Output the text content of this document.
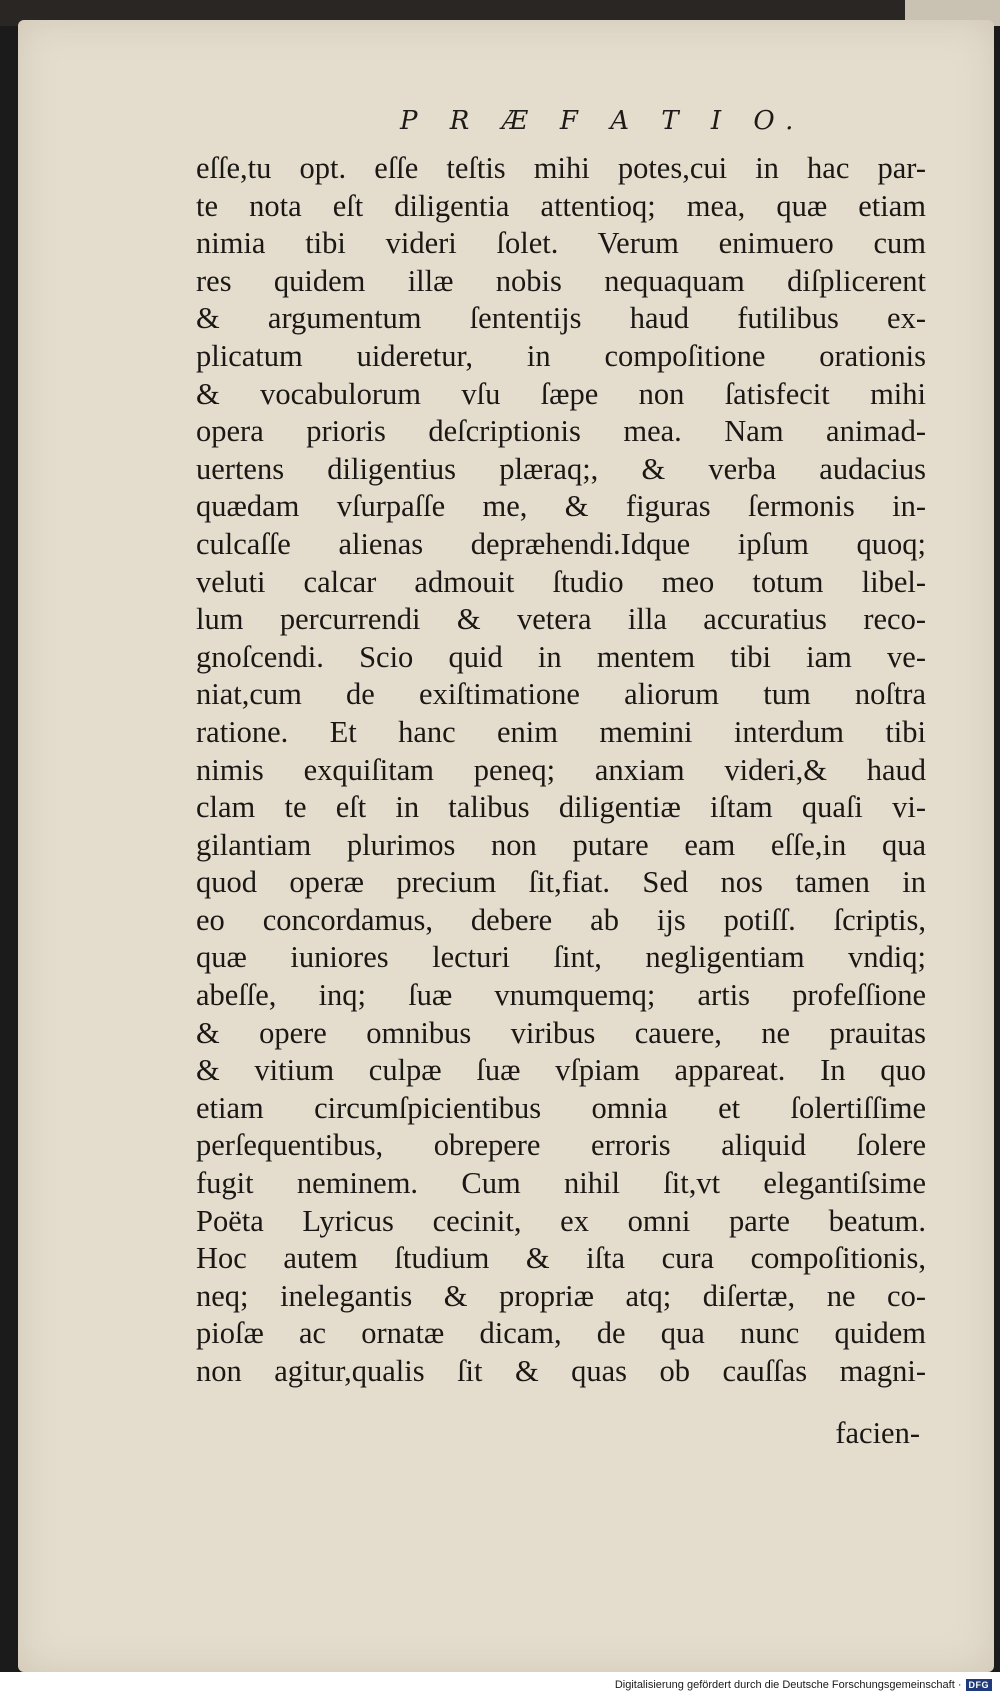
P R Æ F A T I O.
eſſe,tu opt. eſſe teſtis mihi potes,cui in hac par-
te nota eſt diligentia attentioq; mea, quæ etiam
nimia tibi videri ſolet. Verum enimuero cum
res quidem illæ nobis nequaquam diſplicerent
& argumentum ſententijs haud futilibus ex-
plicatum uideretur, in compoſitione orationis
& vocabulorum vſu ſæpe non ſatisfecit mihi
opera prioris deſcriptionis mea. Nam animad-
uertens diligentius plæraq;, & verba audacius
quædam vſurpaſſe me, & figuras ſermonis in-
culcaſſe alienas depræhendi.Idque ipſum quoq;
veluti calcar admouit ſtudio meo totum libel-
lum percurrendi & vetera illa accuratius reco-
gnoſcendi. Scio quid in mentem tibi iam ve-
niat,cum de exiſtimatione aliorum tum noſtra
ratione. Et hanc enim memini interdum tibi
nimis exquiſitam peneq; anxiam videri,& haud
clam te eſt in talibus diligentiæ iſtam quaſi vi-
gilantiam plurimos non putare eam eſſe,in qua
quod operæ precium ſit,fiat. Sed nos tamen in
eo concordamus, debere ab ijs potiſſ. ſcriptis,
quæ iuniores lecturi ſint, negligentiam vndiq;
abeſſe, inq; ſuæ vnumquemq; artis profeſſione
& opere omnibus viribus cauere, ne prauitas
& vitium culpæ ſuæ vſpiam appareat. In quo
etiam circumſpicientibus omnia et ſolertiſſime
perſequentibus, obrepere erroris aliquid ſolere
fugit neminem. Cum nihil ſit,vt elegantiſsime
Poëta Lyricus cecinit, ex omni parte beatum.
Hoc autem ſtudium & iſta cura compoſitionis,
neq; inelegantis & propriæ atq; diſertæ, ne co-
pioſæ ac ornatæ dicam, de qua nunc quidem
non agitur,qualis ſit & quas ob cauſſas magni-
facien-
Digitalisierung gefördert durch die Deutsche Forschungsgemeinschaft · DFG
